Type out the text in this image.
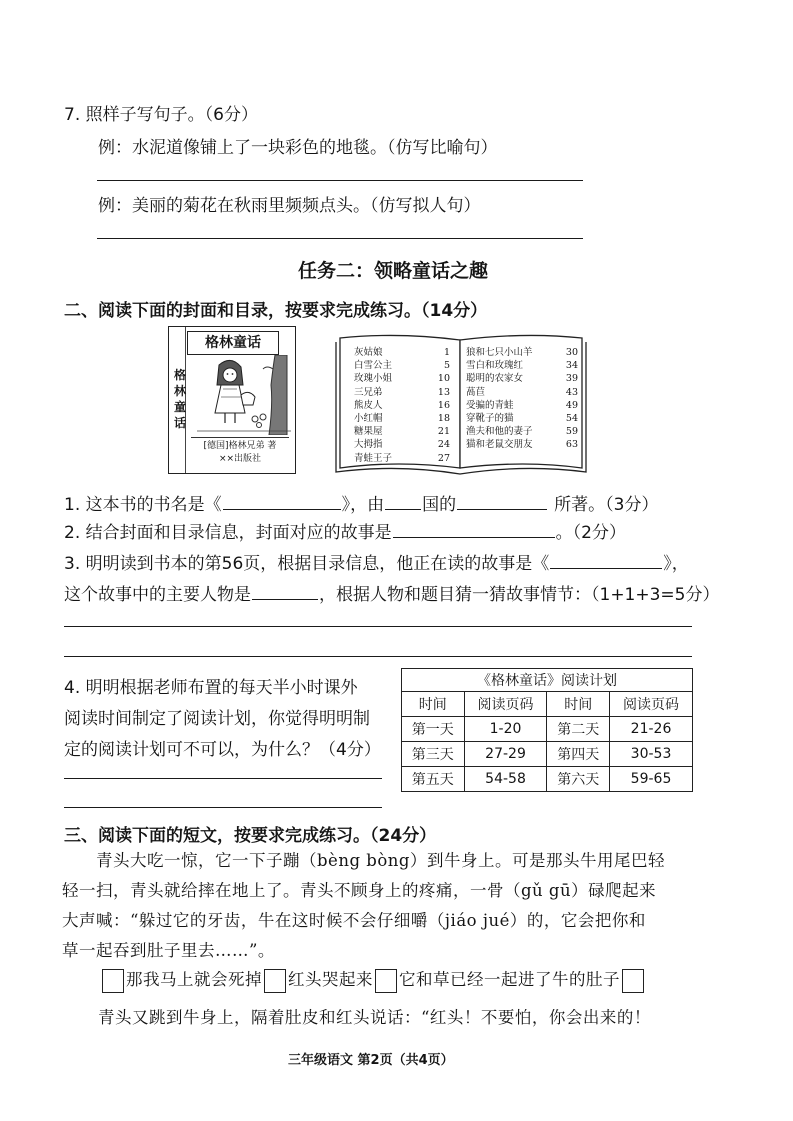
7. 照样子写句子。（6分）
例：水泥道像铺上了一块彩色的地毯。（仿写比喻句）
例：美丽的菊花在秋雨里频频点头。（仿写拟人句）
任务二：领略童话之趣
二、阅读下面的封面和目录，按要求完成练习。（14分）
格林童话
格林童话
[德国]格林兄弟 著
××出版社
灰姑娘	1
白雪公主	5
玫瑰小姐	10
三兄弟	13
熊皮人	16
小红帽	18
糖果屋	21
大拇指	24
青蛙王子	27
狼和七只小山羊	30
雪白和玫瑰红	34
聪明的农家女	39
萵苣	43
受骗的青蛙	49
穿靴子的猫	54
渔夫和他的妻子	59
猫和老鼠交朋友	63
1. 这本书的书名是《	》，由 国的	所著。（3分）
2. 结合封面和目录信息，封面对应的故事是	。（2分）
3. 明明读到书本的第56页，根据目录信息，他正在读的故事是《	》，
这个故事中的主要人物是	，根据人物和题目猜一猜故事情节：（1+1+3=5分）
4. 明明根据老师布置的每天半小时课外
阅读时间制定了阅读计划，你觉得明明制
定的阅读计划可不可以，为什么？（4分）
《格林童话》阅读计划			
时间	阅读页码	时间	阅读页码
第一天	1-20	第二天	21-26
第三天	27-29	第四天	30-53
第五天	54-58	第六天	59-65
三、阅读下面的短文，按要求完成练习。（24分）
青头大吃一惊，它一下子蹦（bèng bòng）到牛身上。可是那头牛用尾巴轻
轻一扫，青头就给摔在地上了。青头不顾身上的疼痛，一骨（gǔ gū）碌爬起来
大声喊：“躲过它的牙齿，牛在这时候不会仔细嚼（jiáo jué）的，它会把你和
草一起吞到肚子里去……”。
那我马上就会死掉 红头哭起来 它和草已经一起进了牛的肚子
青头又跳到牛身上，隔着肚皮和红头说话：“红头！不要怕，你会出来的！
三年级语文 第2页（共4页）
